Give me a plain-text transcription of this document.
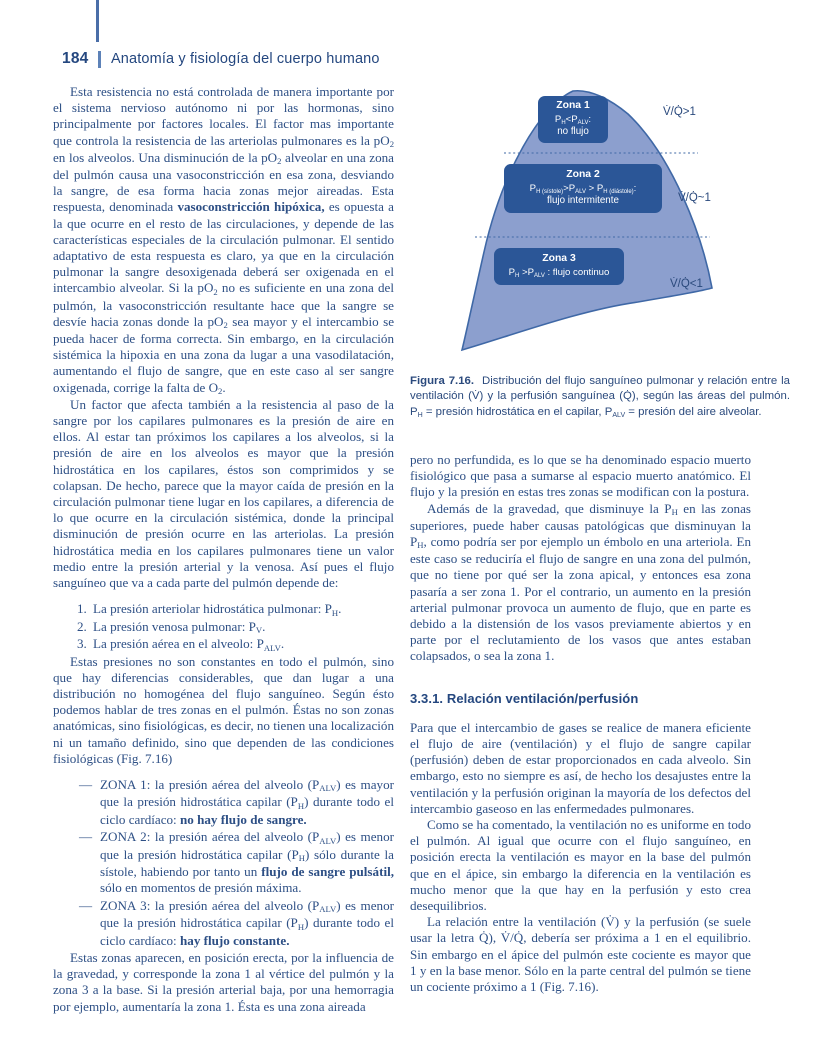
184 Anatomía y fisiología del cuerpo humano

Esta resistencia no está controlada de manera importante por el sistema nervioso autónomo ni por las hormonas, sino principalmente por factores locales. El factor mas importante que controla la resistencia de las arteriolas pulmonares es la $pO_2$ en los alveolos. Una disminución de la $pO_2$ alveolar en una zona del pulmón causa una vasoconstricción en esa zona, desviando la sangre, de esa forma hacia zonas mejor aireadas. Esta respuesta, denominada vasoconstricción hipóxica, es opuesta a la que ocurre en el resto de las circulaciones, y depende de las características especiales de la circulación pulmonar. El sentido adaptativo de esta respuesta es claro, ya que en la circulación pulmonar la sangre desoxigenada deberá ser oxigenada en el intercambio alveolar. Si la $pO_2$ no es suficiente en una zona del pulmón, la vasoconstricción resultante hace que la sangre se desvíe hacia zonas donde la $pO_2$ sea mayor y el intercambio se pueda hacer de forma correcta. Sin embargo, en la circulación sistémica la hipoxia en una zona da lugar a una vasodilatación, aumentando el flujo de sangre, que en este caso al ser sangre oxigenada, corrige la falta de $O_2$.

Un factor que afecta también a la resistencia al paso de la sangre por los capilares pulmonares es la presión de aire en ellos. Al estar tan próximos los capilares a los alveolos, si la presión de aire en los alveolos es mayor que la presión hidrostática en los capilares, éstos son comprimidos y se colapsan. De hecho, parece que la mayor caída de presión en la circulación pulmonar tiene lugar en los capilares, a diferencia de lo que ocurre en la circulación sistémica, donde la principal disminución de presión ocurre en las arteriolas. La presión hidrostática media en los capilares pulmonares tiene un valor medio entre la presión arterial y la venosa. Así pues el flujo sanguíneo que va a cada parte del pulmón depende de:

1. La presión arteriolar hidrostática pulmonar: $P_H$.
2. La presión venosa pulmonar: $P_V$.
3. La presión aérea en el alveolo: $P_{ALV}$.

Estas presiones no son constantes en todo el pulmón, sino que hay diferencias considerables, que dan lugar a una distribución no homogénea del flujo sanguíneo. Según ésto podemos hablar de tres zonas en el pulmón. Éstas no son zonas anatómicas, sino fisiológicas, es decir, no tienen una localización ni un tamaño definido, sino que dependen de las condiciones fisiológicas (Fig. 7.16)

— ZONA 1: la presión aérea del alveolo $(P_{ALV})$ es mayor que la presión hidrostática capilar $(P_H)$ durante todo el ciclo cardíaco: no hay flujo de sangre.
— ZONA 2: la presión aérea del alveolo $(P_{ALV})$ es menor que la presión hidrostática capilar $(P_H)$ sólo durante la sístole, habiendo por tanto un flujo de sangre pulsátil, sólo en momentos de presión máxima.
— ZONA 3: la presión aérea del alveolo $(P_{ALV})$ es menor que la presión hidrostática capilar $(P_H)$ durante todo el ciclo cardíaco: hay flujo constante.

Estas zonas aparecen, en posición erecta, por la influencia de la gravedad, y corresponde la zona 1 al vértice del pulmón y la zona 3 a la base. Si la presión arterial baja, por una hemorragia por ejemplo, aumentaría la zona 1. Ésta es una zona aireada

Zona 1
$P_H<P_{ALV}$:
no flujo
Zona 2
$P_{H (sístole)}>P_{ALV} > P_{H (diástole)}$:
flujo intermitente
Zona 3
$P_H >P_{ALV}$ : flujo continuo
V̇/Q̇>1
V̇/Q̇~1
V̇/Q̇<1
Figura 7.16. Distribución del flujo sanguíneo pulmonar y relación entre la ventilación (V̇) y la perfusión sanguínea (Q̇), según las áreas del pulmón. $P_H$ = presión hidrostática en el capilar, $P_{ALV}$ = presión del aire alveolar.

pero no perfundida, es lo que se ha denominado espacio muerto fisiológico que pasa a sumarse al espacio muerto anatómico. El flujo y la presión en estas tres zonas se modifican con la postura.

Además de la gravedad, que disminuye la $P_H$ en las zonas superiores, puede haber causas patológicas que disminuyan la $P_H$, como podría ser por ejemplo un émbolo en una arteriola. En este caso se reduciría el flujo de sangre en una zona del pulmón, que no tiene por qué ser la zona apical, y entonces esa zona pasaría a ser zona 1. Por el contrario, un aumento en la presión arterial pulmonar provoca un aumento de flujo, que en parte es debido a la distensión de los vasos previamente abiertos y en parte por el reclutamiento de los vasos que antes estaban colapsados, o sea la zona 1.

3.3.1. Relación ventilación/perfusión

Para que el intercambio de gases se realice de manera eficiente el flujo de aire (ventilación) y el flujo de sangre capilar (perfusión) deben de estar proporcionados en cada alveolo. Sin embargo, esto no siempre es así, de hecho los desajustes entre la ventilación y la perfusión originan la mayoría de los defectos del intercambio gaseoso en las enfermedades pulmonares.

Como se ha comentado, la ventilación no es uniforme en todo el pulmón. Al igual que ocurre con el flujo sanguíneo, en posición erecta la ventilación es mayor en la base del pulmón que en el ápice, sin embargo la diferencia en la ventilación es mucho menor que la que hay en la perfusión y esto crea desequilibrios.

La relación entre la ventilación (V̇) y la perfusión (se suele usar la letra Q̇), V̇/Q̇, debería ser próxima a 1 en el equilibrio. Sin embargo en el ápice del pulmón este cociente es mayor que 1 y en la base menor. Sólo en la parte central del pulmón se tiene un cociente próximo a 1 (Fig. 7.16).
